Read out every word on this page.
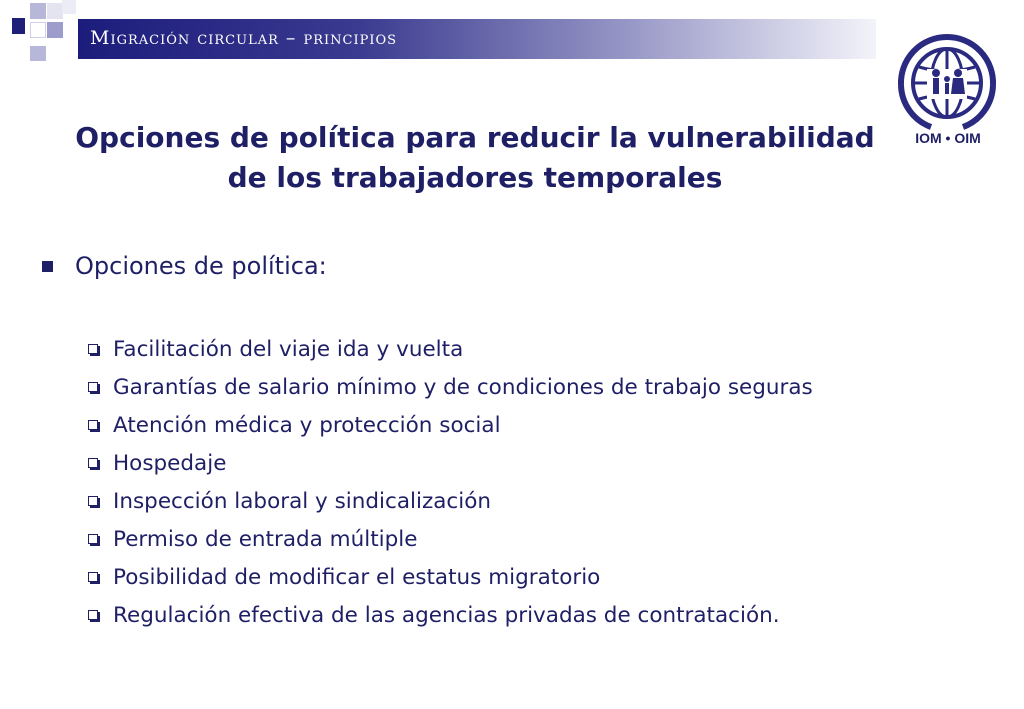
Migración circular – principios
IOM • OIM
Opciones de política para reducir la vulnerabilidad
de los trabajadores temporales
Opciones de política:
Facilitación del viaje ida y vuelta
Garantías de salario mínimo y de condiciones de trabajo seguras
Atención médica y protección social
Hospedaje
Inspección laboral y sindicalización
Permiso de entrada múltiple
Posibilidad de modificar el estatus migratorio
Regulación efectiva de las agencias privadas de contratación.
